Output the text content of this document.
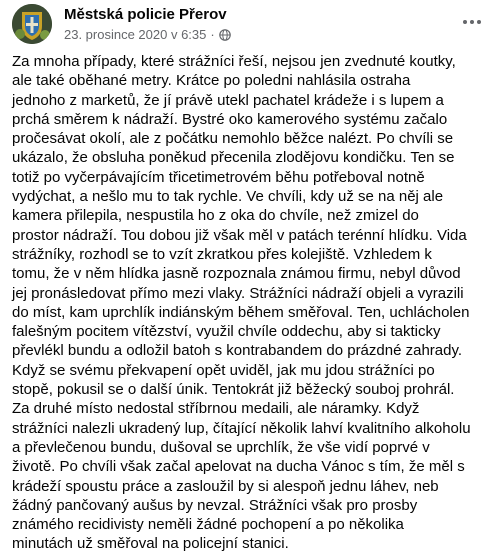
Městská policie Přerov
23. prosince 2020 v 6:35 ·
Za mnoha případy, které strážníci řeší, nejsou jen zvednuté koutky,
ale také oběhané metry. Krátce po poledni nahlásila ostraha
jednoho z marketů, že jí právě utekl pachatel krádeže i s lupem a
prchá směrem k nádraží. Bystré oko kamerového systému začalo
pročesávat okolí, ale z počátku nemohlo běžce nalézt. Po chvíli se
ukázalo, že obsluha poněkud přecenila zlodějovu kondičku. Ten se
totiž po vyčerpávajícím třicetimetrovém běhu potřeboval notně
vydýchat, a nešlo mu to tak rychle. Ve chvíli, kdy už se na něj ale
kamera přilepila, nespustila ho z oka do chvíle, než zmizel do
prostor nádraží. Tou dobou již však měl v patách terénní hlídku. Vida
strážníky, rozhodl se to vzít zkratkou přes kolejiště. Vzhledem k
tomu, že v něm hlídka jasně rozpoznala známou firmu, nebyl důvod
jej pronásledovat přímo mezi vlaky. Strážníci nádraží objeli a vyrazili
do míst, kam uprchlík indiánským během směřoval. Ten, uchlácholen
falešným pocitem vítězství, využil chvíle oddechu, aby si takticky
převlékl bundu a odložil batoh s kontrabandem do prázdné zahrady.
Když se svému překvapení opět uviděl, jak mu jdou strážníci po
stopě, pokusil se o další únik. Tentokrát již běžecký souboj prohrál.
Za druhé místo nedostal stříbrnou medaili, ale náramky. Když
strážníci nalezli ukradený lup, čítající několik lahví kvalitního alkoholu
a převlečenou bundu, dušoval se uprchlík, že vše vidí poprvé v
životě. Po chvíli však začal apelovat na ducha Vánoc s tím, že měl s
krádeží spoustu práce a zasloužil by si alespoň jednu láhev, neb
žádný pančovaný aušus by nevzal. Strážníci však pro prosby
známého recidivisty neměli žádné pochopení a po několika
minutách už směřoval na policejní stanici.
